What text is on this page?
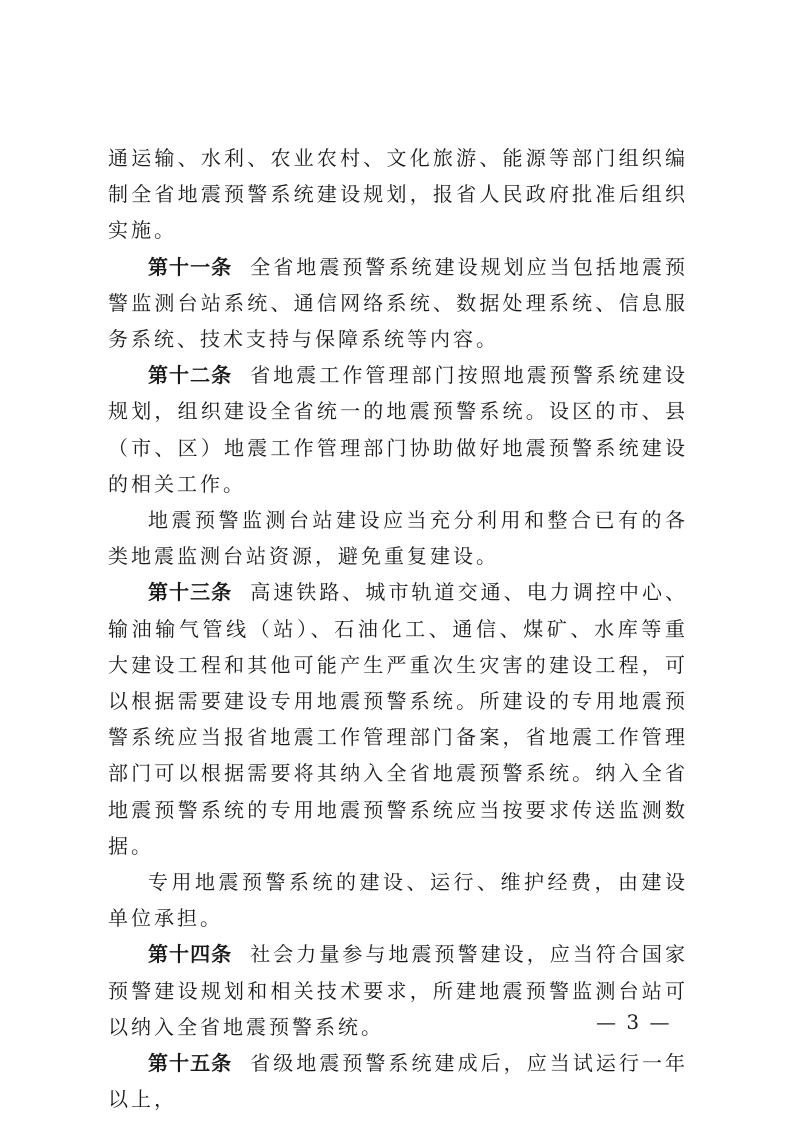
通运输、水利、农业农村、文化旅游、能源等部门组织编制全省地震预警系统建设规划，报省人民政府批准后组织实施。

第十一条 全省地震预警系统建设规划应当包括地震预警监测台站系统、通信网络系统、数据处理系统、信息服务系统、技术支持与保障系统等内容。

第十二条 省地震工作管理部门按照地震预警系统建设规划，组织建设全省统一的地震预警系统。设区的市、县（市、区）地震工作管理部门协助做好地震预警系统建设的相关工作。

地震预警监测台站建设应当充分利用和整合已有的各类地震监测台站资源，避免重复建设。

第十三条 高速铁路、城市轨道交通、电力调控中心、输油输气管线（站）、石油化工、通信、煤矿、水库等重大建设工程和其他可能产生严重次生灾害的建设工程，可以根据需要建设专用地震预警系统。所建设的专用地震预警系统应当报省地震工作管理部门备案，省地震工作管理部门可以根据需要将其纳入全省地震预警系统。纳入全省地震预警系统的专用地震预警系统应当按要求传送监测数据。

专用地震预警系统的建设、运行、维护经费，由建设单位承担。

第十四条 社会力量参与地震预警建设，应当符合国家预警建设规划和相关技术要求，所建地震预警监测台站可以纳入全省地震预警系统。

第十五条 省级地震预警系统建成后，应当试运行一年以上，

— 3 —
